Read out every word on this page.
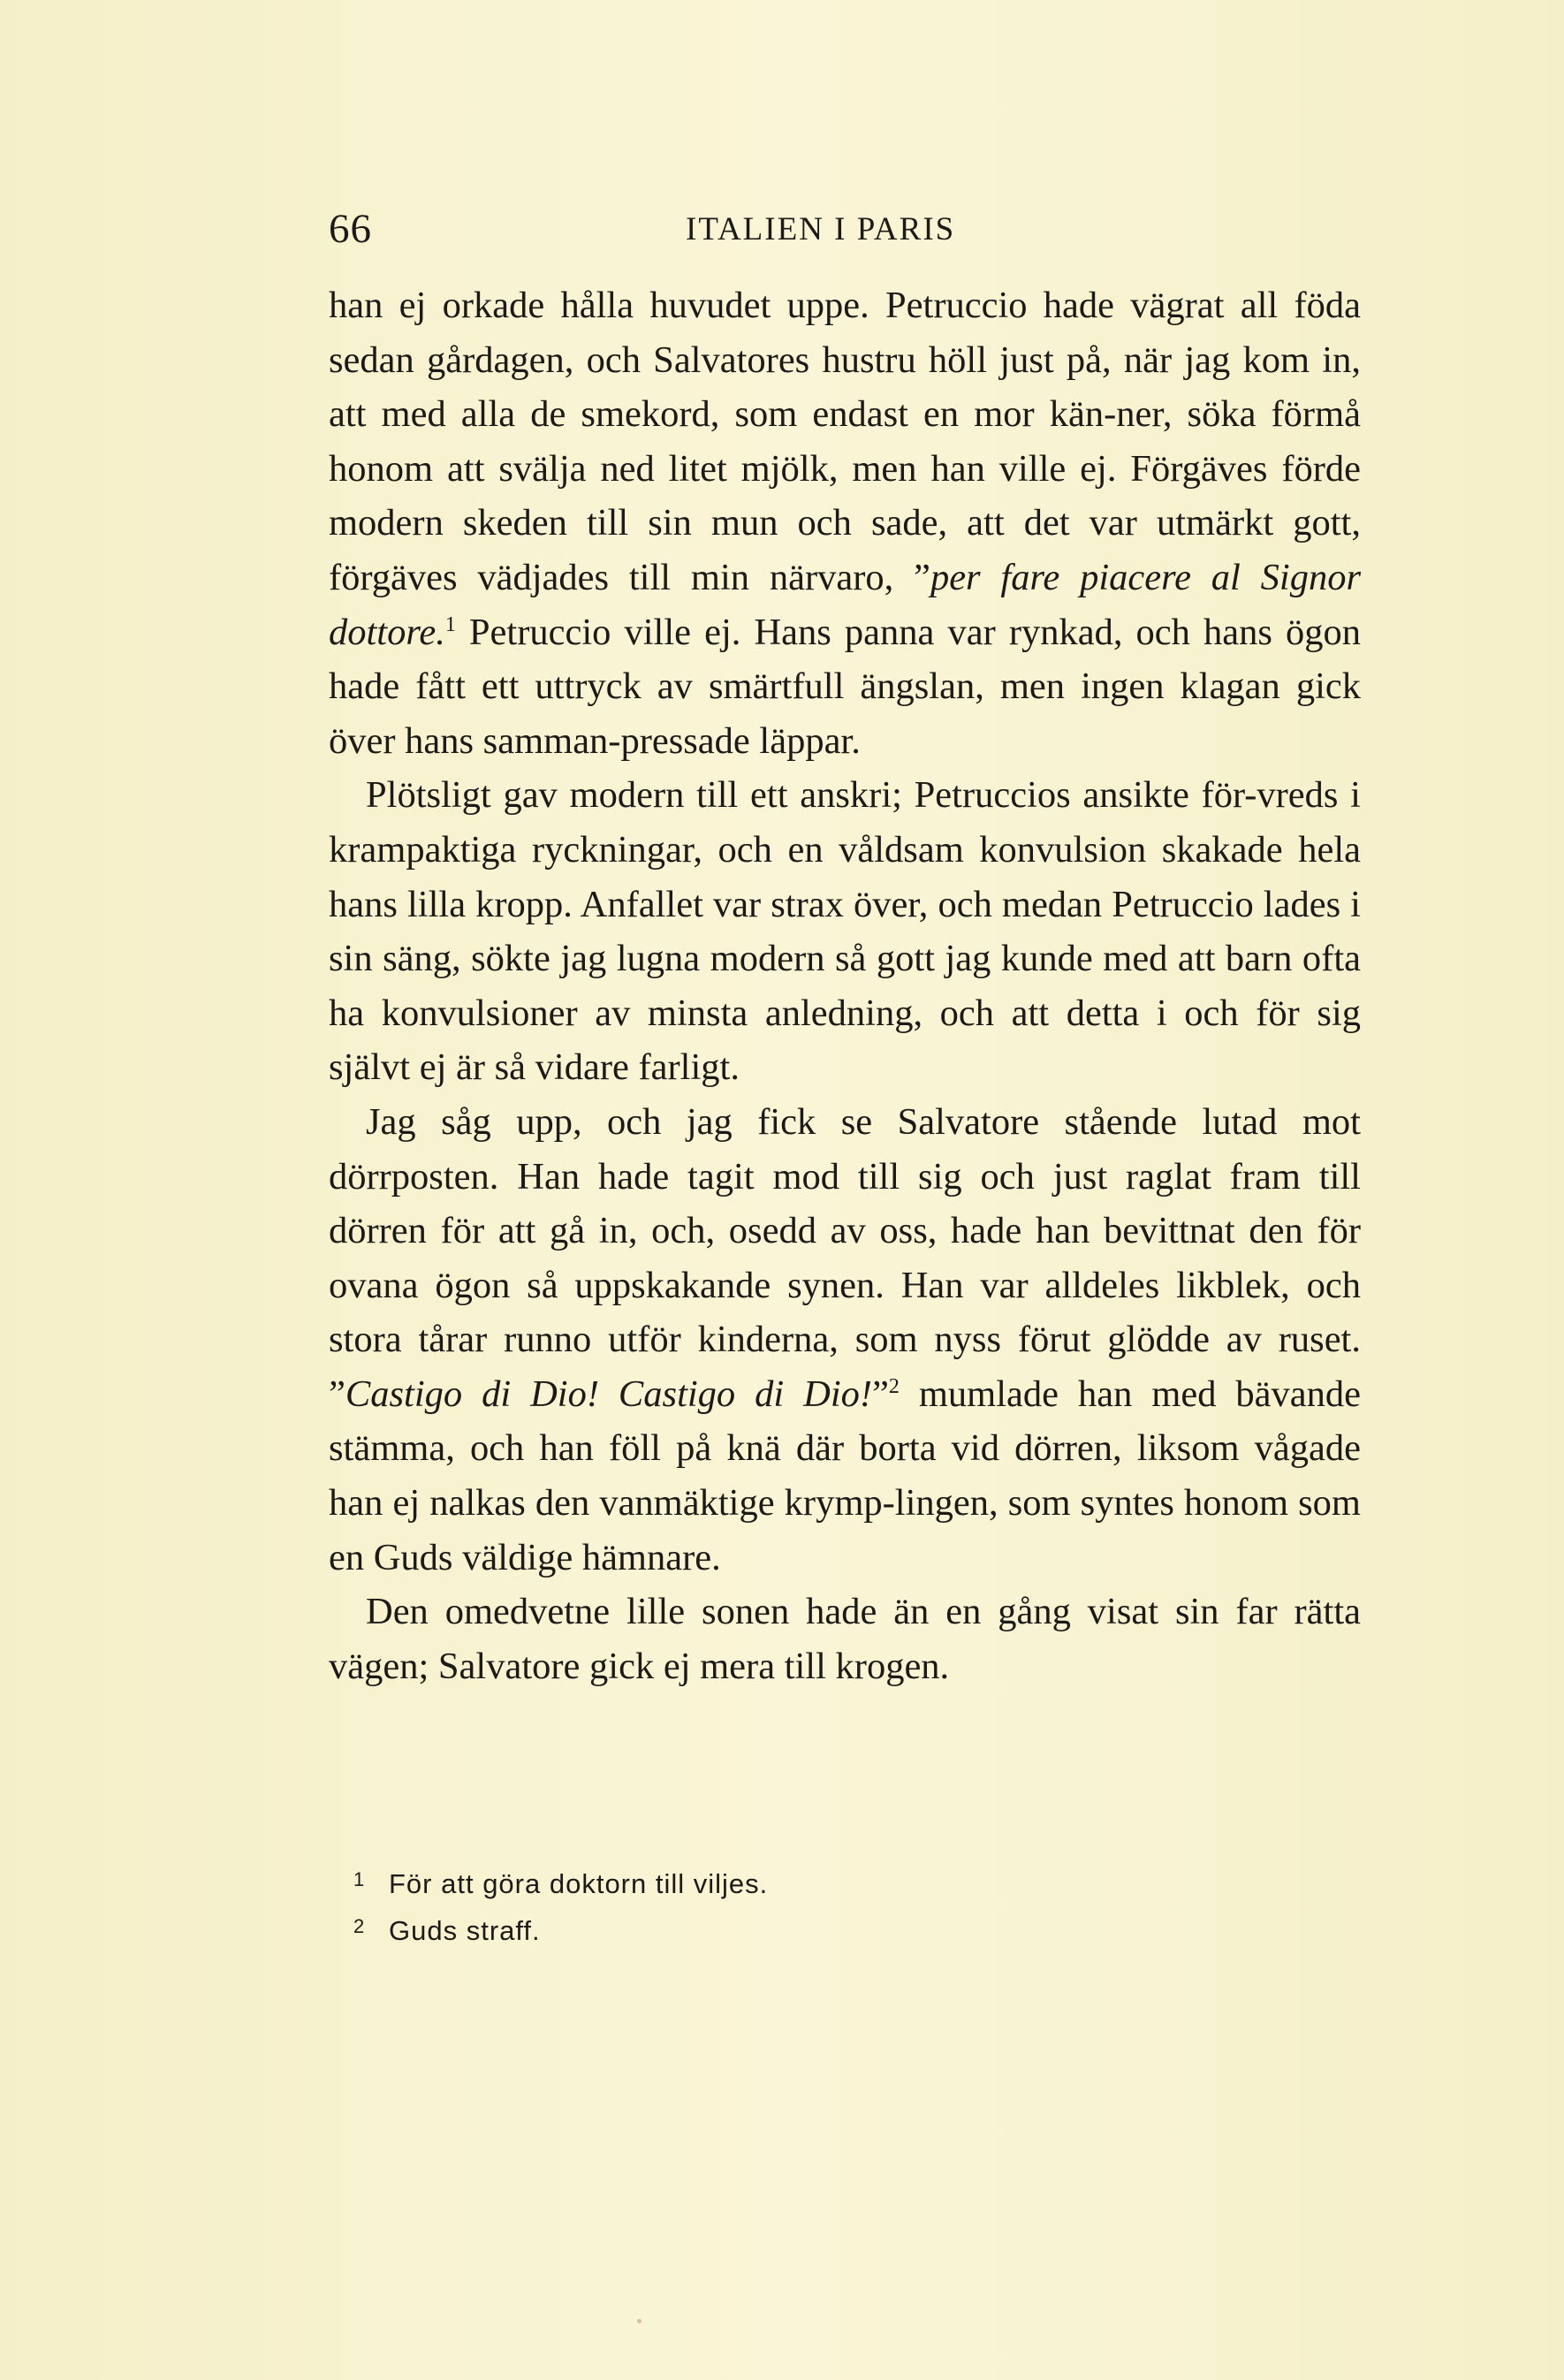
66	ITALIEN I PARIS

han ej orkade hålla huvudet uppe. Petruccio hade vägrat all föda sedan gårdagen, och Salvatores hustru höll just på, när jag kom in, att med alla de smekord, som endast en mor kän-ner, söka förmå honom att svälja ned litet mjölk, men han ville ej. Förgäves förde modern skeden till sin mun och sade, att det var utmärkt gott, förgäves vädjades till min närvaro, ”per fare piacere al Signor dottore.$^1$ Petruccio ville ej. Hans panna var rynkad, och hans ögon hade fått ett uttryck av smärtfull ängslan, men ingen klagan gick över hans samman-pressade läppar.

Plötsligt gav modern till ett anskri; Petruccios ansikte för-vreds i krampaktiga ryckningar, och en våldsam konvulsion skakade hela hans lilla kropp. Anfallet var strax över, och medan Petruccio lades i sin säng, sökte jag lugna modern så gott jag kunde med att barn ofta ha konvulsioner av minsta anledning, och att detta i och för sig självt ej är så vidare farligt.

Jag såg upp, och jag fick se Salvatore stående lutad mot dörrposten. Han hade tagit mod till sig och just raglat fram till dörren för att gå in, och, osedd av oss, hade han bevittnat den för ovana ögon så uppskakande synen. Han var alldeles likblek, och stora tårar runno utför kinderna, som nyss förut glödde av ruset. ”Castigo di Dio! Castigo di Dio!”$^2$ mumlade han med bävande stämma, och han föll på knä där borta vid dörren, liksom vågade han ej nalkas den vanmäktige krymp-lingen, som syntes honom som en Guds väldige hämnare.

Den omedvetne lille sonen hade än en gång visat sin far rätta vägen; Salvatore gick ej mera till krogen.

1 För att göra doktorn till viljes.
2 Guds straff.
